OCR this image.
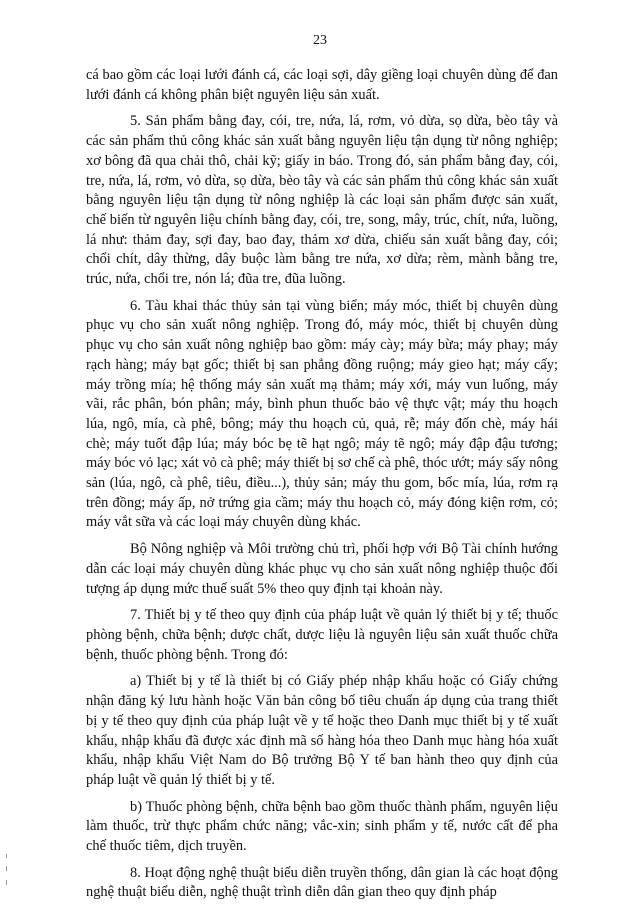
23

cá bao gồm các loại lưới đánh cá, các loại sợi, dây giềng loại chuyên dùng để đan lưới đánh cá không phân biệt nguyên liệu sản xuất.

5. Sản phẩm bằng đay, cói, tre, nứa, lá, rơm, vỏ dừa, sọ dừa, bèo tây và các sản phẩm thủ công khác sản xuất bằng nguyên liệu tận dụng từ nông nghiệp; xơ bông đã qua chải thô, chải kỹ; giấy in báo. Trong đó, sản phẩm bằng đay, cói, tre, nứa, lá, rơm, vỏ dừa, sọ dừa, bèo tây và các sản phẩm thủ công khác sản xuất bằng nguyên liệu tận dụng từ nông nghiệp là các loại sản phẩm được sản xuất, chế biến từ nguyên liệu chính bằng đay, cói, tre, song, mây, trúc, chít, nứa, luồng, lá như: thảm đay, sợi đay, bao đay, thảm xơ dừa, chiếu sản xuất bằng đay, cói; chổi chít, dây thừng, dây buộc làm bằng tre nứa, xơ dừa; rèm, mành bằng tre, trúc, nứa, chổi tre, nón lá; đũa tre, đũa luồng.

6. Tàu khai thác thủy sản tại vùng biển; máy móc, thiết bị chuyên dùng phục vụ cho sản xuất nông nghiệp. Trong đó, máy móc, thiết bị chuyên dùng phục vụ cho sản xuất nông nghiệp bao gồm: máy cày; máy bừa; máy phay; máy rạch hàng; máy bạt gốc; thiết bị san phẳng đồng ruộng; máy gieo hạt; máy cấy; máy trồng mía; hệ thống máy sản xuất mạ thảm; máy xới, máy vun luống, máy vãi, rắc phân, bón phân; máy, bình phun thuốc bảo vệ thực vật; máy thu hoạch lúa, ngô, mía, cà phê, bông; máy thu hoạch củ, quả, rễ; máy đốn chè, máy hái chè; máy tuốt đập lúa; máy bóc bẹ tẽ hạt ngô; máy tẽ ngô; máy đập đậu tương; máy bóc vỏ lạc; xát vỏ cà phê; máy thiết bị sơ chế cà phê, thóc ướt; máy sấy nông sản (lúa, ngô, cà phê, tiêu, điều...), thủy sản; máy thu gom, bốc mía, lúa, rơm rạ trên đồng; máy ấp, nở trứng gia cầm; máy thu hoạch cỏ, máy đóng kiện rơm, cỏ; máy vắt sữa và các loại máy chuyên dùng khác.

Bộ Nông nghiệp và Môi trường chủ trì, phối hợp với Bộ Tài chính hướng dẫn các loại máy chuyên dùng khác phục vụ cho sản xuất nông nghiệp thuộc đối tượng áp dụng mức thuế suất 5% theo quy định tại khoản này.

7. Thiết bị y tế theo quy định của pháp luật về quản lý thiết bị y tế; thuốc phòng bệnh, chữa bệnh; dược chất, dược liệu là nguyên liệu sản xuất thuốc chữa bệnh, thuốc phòng bệnh. Trong đó:

a) Thiết bị y tế là thiết bị có Giấy phép nhập khẩu hoặc có Giấy chứng nhận đăng ký lưu hành hoặc Văn bản công bố tiêu chuẩn áp dụng của trang thiết bị y tế theo quy định của pháp luật về y tế hoặc theo Danh mục thiết bị y tế xuất khẩu, nhập khẩu đã được xác định mã số hàng hóa theo Danh mục hàng hóa xuất khẩu, nhập khẩu Việt Nam do Bộ trưởng Bộ Y tế ban hành theo quy định của pháp luật về quản lý thiết bị y tế.

b) Thuốc phòng bệnh, chữa bệnh bao gồm thuốc thành phẩm, nguyên liệu làm thuốc, trừ thực phẩm chức năng; vắc-xin; sinh phẩm y tế, nước cất để pha chế thuốc tiêm, dịch truyền.

8. Hoạt động nghệ thuật biểu diễn truyền thống, dân gian là các hoạt động nghệ thuật biểu diễn, nghệ thuật trình diễn dân gian theo quy định pháp
